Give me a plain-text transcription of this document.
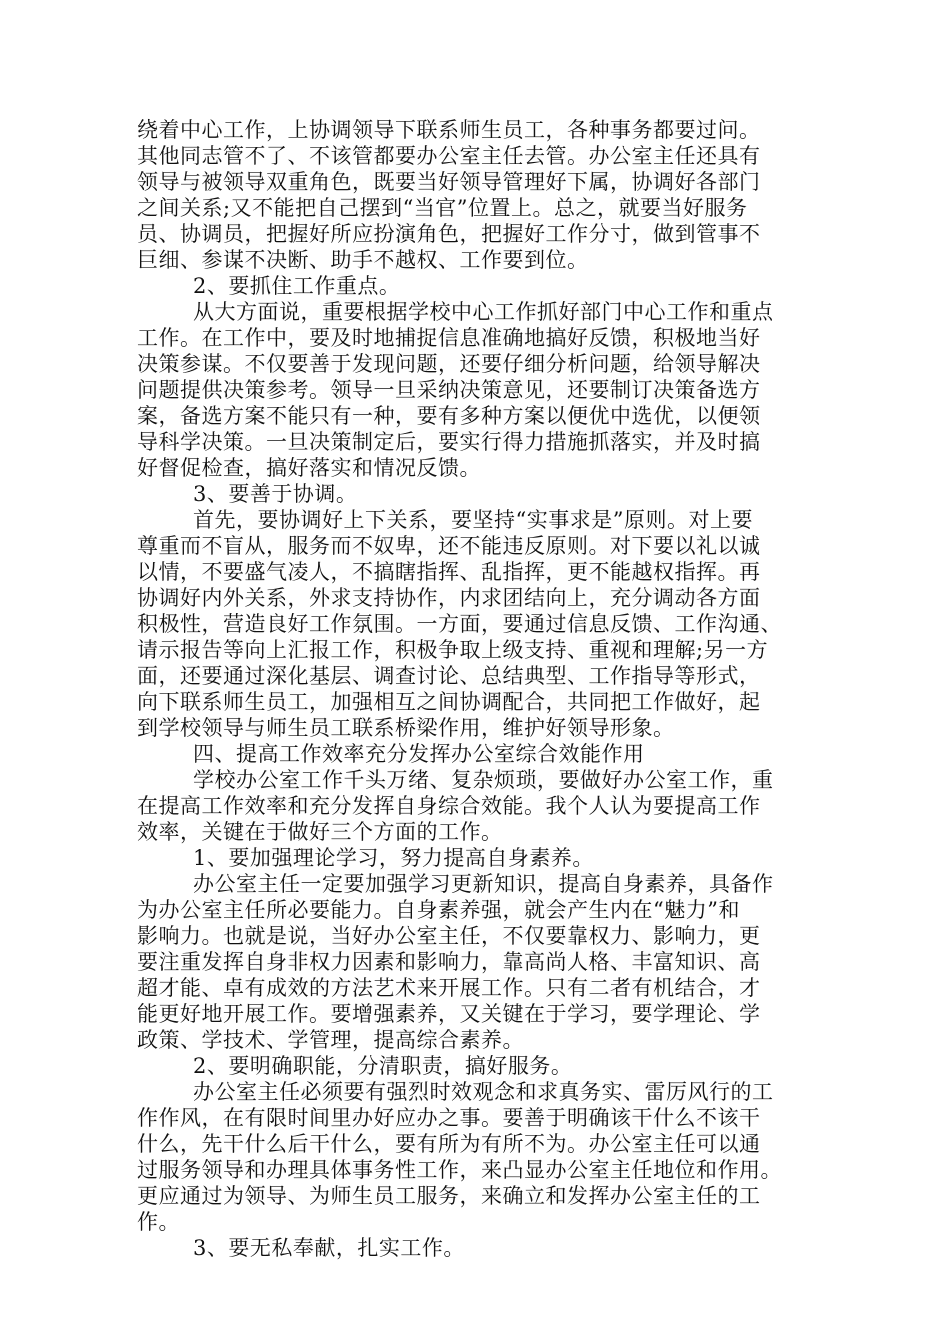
绕着中心工作，上协调领导下联系师生员工，各种事务都要过问。
其他同志管不了、不该管都要办公室主任去管。办公室主任还具有
领导与被领导双重角色，既要当好领导管理好下属，协调好各部门
之间关系;又不能把自己摆到“当官”位置上。总之，就要当好服务
员、协调员，把握好所应扮演角色，把握好工作分寸，做到管事不
巨细、参谋不决断、助手不越权、工作要到位。
2、要抓住工作重点。
从大方面说，重要根据学校中心工作抓好部门中心工作和重点
工作。在工作中，要及时地捕捉信息准确地搞好反馈，积极地当好
决策参谋。不仅要善于发现问题，还要仔细分析问题，给领导解决
问题提供决策参考。领导一旦采纳决策意见，还要制订决策备选方
案，备选方案不能只有一种，要有多种方案以便优中选优，以便领
导科学决策。一旦决策制定后，要实行得力措施抓落实，并及时搞
好督促检查，搞好落实和情况反馈。
3、要善于协调。
首先，要协调好上下关系，要坚持“实事求是”原则。对上要
尊重而不盲从，服务而不奴卑，还不能违反原则。对下要以礼以诚
以情，不要盛气凌人，不搞瞎指挥、乱指挥，更不能越权指挥。再
协调好内外关系，外求支持协作，内求团结向上，充分调动各方面
积极性，营造良好工作氛围。一方面，要通过信息反馈、工作沟通、
请示报告等向上汇报工作，积极争取上级支持、重视和理解;另一方
面，还要通过深化基层、调查讨论、总结典型、工作指导等形式，
向下联系师生员工，加强相互之间协调配合，共同把工作做好，起
到学校领导与师生员工联系桥梁作用，维护好领导形象。
四、提高工作效率充分发挥办公室综合效能作用
学校办公室工作千头万绪、复杂烦琐，要做好办公室工作，重
在提高工作效率和充分发挥自身综合效能。我个人认为要提高工作
效率，关键在于做好三个方面的工作。
1、要加强理论学习，努力提高自身素养。
办公室主任一定要加强学习更新知识，提高自身素养，具备作
为办公室主任所必要能力。自身素养强，就会产生内在“魅力”和
影响力。也就是说，当好办公室主任，不仅要靠权力、影响力，更
要注重发挥自身非权力因素和影响力，靠高尚人格、丰富知识、高
超才能、卓有成效的方法艺术来开展工作。只有二者有机结合，才
能更好地开展工作。要增强素养，又关键在于学习，要学理论、学
政策、学技术、学管理，提高综合素养。
2、要明确职能，分清职责，搞好服务。
办公室主任必须要有强烈时效观念和求真务实、雷厉风行的工
作作风，在有限时间里办好应办之事。要善于明确该干什么不该干
什么，先干什么后干什么，要有所为有所不为。办公室主任可以通
过服务领导和办理具体事务性工作，来凸显办公室主任地位和作用。
更应通过为领导、为师生员工服务，来确立和发挥办公室主任的工
作。
3、要无私奉献，扎实工作。
